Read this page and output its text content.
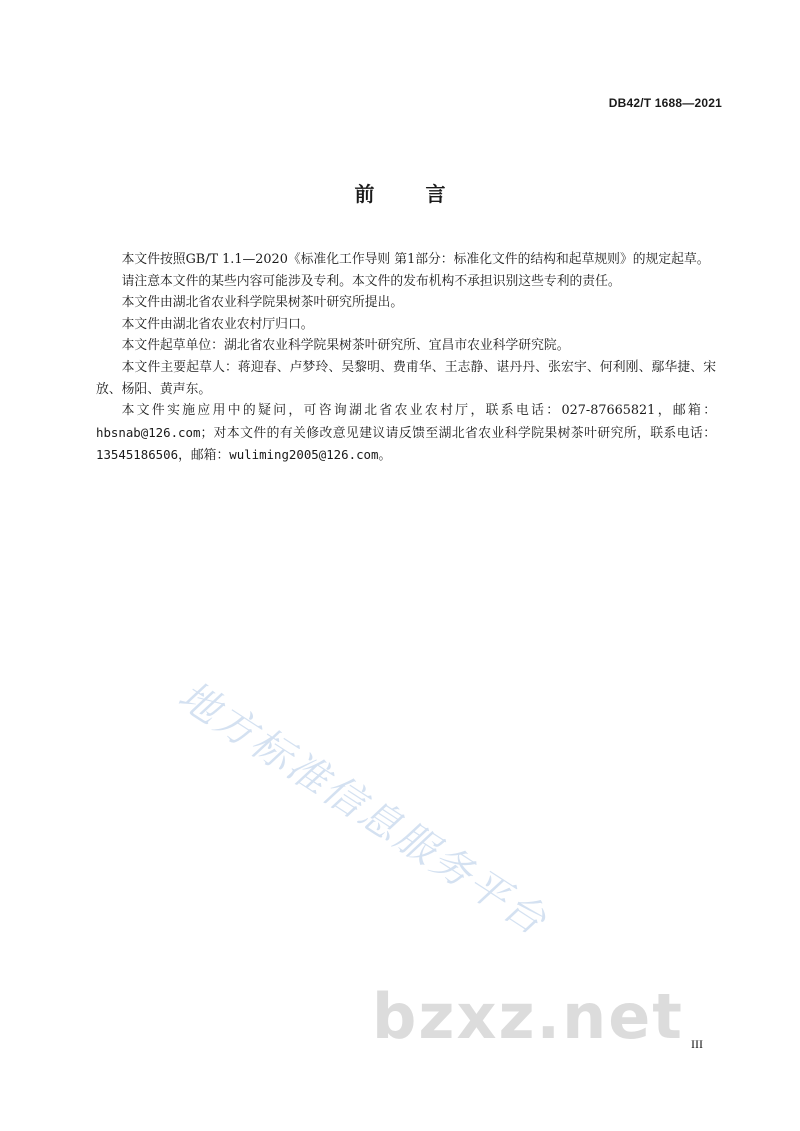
DB42/T 1688—2021
前 言

本文件按照GB/T 1.1—2020《标准化工作导则 第1部分：标准化文件的结构和起草规则》的规定起草。

请注意本文件的某些内容可能涉及专利。本文件的发布机构不承担识别这些专利的责任。

本文件由湖北省农业科学院果树茶叶研究所提出。

本文件由湖北省农业农村厅归口。

本文件起草单位：湖北省农业科学院果树茶叶研究所、宜昌市农业科学研究院。

本文件主要起草人：蒋迎春、卢梦玲、吴黎明、费甫华、王志静、谌丹丹、张宏宇、何利刚、鄢华捷、宋放、杨阳、黄声东。

本文件实施应用中的疑问，可咨询湖北省农业农村厅，联系电话：027-87665821，邮箱：hbsnab@126.com；对本文件的有关修改意见建议请反馈至湖北省农业科学院果树茶叶研究所，联系电话：13545186506，邮箱：wuliming2005@126.com。

地方标准信息服务平台
bzxz.net III
